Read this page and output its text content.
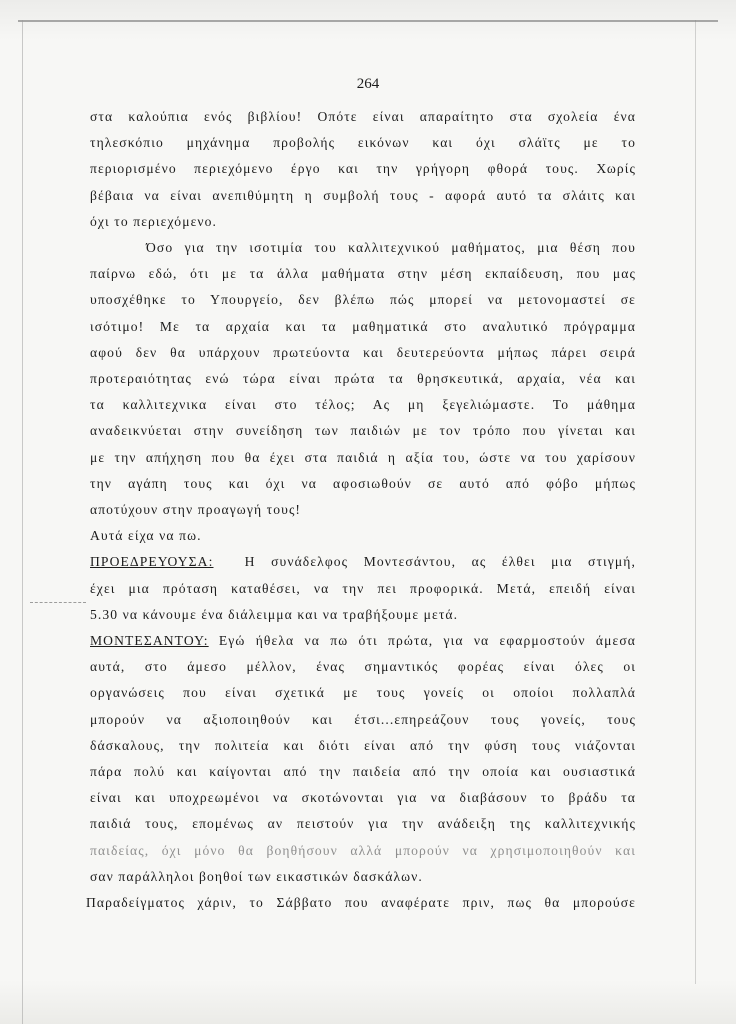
264
στα καλούπια ενός βιβλίου! Οπότε είναι απαραίτητο στα σχολεία ένα
τηλεσκόπιο μηχάνημα προβολής εικόνων και όχι σλάϊτς με το
περιορισμένο περιεχόμενο έργο και την γρήγορη φθορά τους. Χωρίς
βέβαια να είναι ανεπιθύμητη η συμβολή τους - αφορά αυτό τα σλάιτς και
όχι το περιεχόμενο.
Όσο για την ισοτιμία του καλλιτεχνικού μαθήματος, μια θέση που
παίρνω εδώ, ότι με τα άλλα μαθήματα στην μέση εκπαίδευση, που μας
υποσχέθηκε το Υπουργείο, δεν βλέπω πώς μπορεί να μετονομαστεί σε
ισότιμο! Με τα αρχαία και τα μαθηματικά στο αναλυτικό πρόγραμμα
αφού δεν θα υπάρχουν πρωτεύοντα και δευτερεύοντα μήπως πάρει σειρά
προτεραιότητας ενώ τώρα είναι πρώτα τα θρησκευτικά, αρχαία, νέα και
τα καλλιτεχνικα είναι στο τέλος; Ας μη ξεγελιώμαστε. Το μάθημα
αναδεικνύεται στην συνείδηση των παιδιών με τον τρόπο που γίνεται και
με την απήχηση που θα έχει στα παιδιά η αξία του, ώστε να του χαρίσουν
την αγάπη τους και όχι να αφοσιωθούν σε αυτό από φόβο μήπως
αποτύχουν στην προαγωγή τους!
Αυτά είχα να πω.
ΠΡΟΕΔΡΕΥΟΥΣΑ: Η συνάδελφος Μοντεσάντου, ας έλθει μια στιγμή,
έχει μια πρόταση καταθέσει, να την πει προφορικά. Μετά, επειδή είναι
5.30 να κάνουμε ένα διάλειμμα και να τραβήξουμε μετά.
ΜΟΝΤΕΣΑΝΤΟΥ: Εγώ ήθελα να πω ότι πρώτα, για να εφαρμοστούν άμεσα
αυτά, στο άμεσο μέλλον, ένας σημαντικός φορέας είναι όλες οι
οργανώσεις που είναι σχετικά με τους γονείς οι οποίοι πολλαπλά
μπορούν να αξιοποιηθούν και έτσι...επηρεάζουν τους γονείς, τους
δάσκαλους, την πολιτεία και διότι είναι από την φύση τους νιάζονται
πάρα πολύ και καίγονται από την παιδεία από την οποία και ουσιαστικά
είναι και υποχρεωμένοι να σκοτώνονται για να διαβάσουν το βράδυ τα
παιδιά τους, επομένως αν πειστούν για την ανάδειξη της καλλιτεχνικής
παιδείας, όχι μόνο θα βοηθήσουν αλλά μπορούν να χρησιμοποιηθούν και
σαν παράλληλοι βοηθοί των εικαστικών δασκάλων.
Παραδείγματος χάριν, το Σάββατο που αναφέρατε πριν, πως θα μπορούσε
